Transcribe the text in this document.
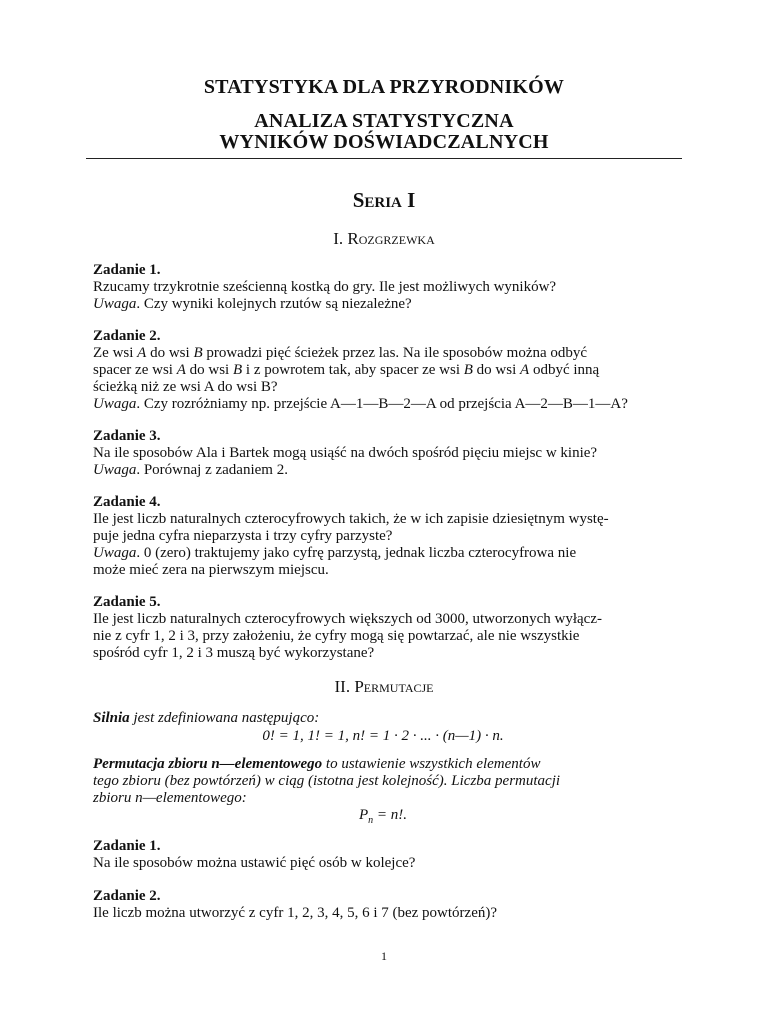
STATYSTYKA DLA PRZYRODNIKÓW
ANALIZA STATYSTYCZNA
WYNIKÓW DOŚWIADCZALNYCH
Seria I
I. Rozgrzewka
Zadanie 1.
Rzucamy trzykrotnie sześcienną kostką do gry. Ile jest możliwych wyników?
Uwaga. Czy wyniki kolejnych rzutów są niezależne?
Zadanie 2.
Ze wsi A do wsi B prowadzi pięć ścieżek przez las. Na ile sposobów można odbyć
spacer ze wsi A do wsi B i z powrotem tak, aby spacer ze wsi B do wsi A odbyć inną
ścieżką niż ze wsi A do wsi B?
Uwaga. Czy rozróżniamy np. przejście A—1—B—2—A od przejścia A—2—B—1—A?
Zadanie 3.
Na ile sposobów Ala i Bartek mogą usiąść na dwóch spośród pięciu miejsc w kinie?
Uwaga. Porównaj z zadaniem 2.
Zadanie 4.
Ile jest liczb naturalnych czterocyfrowych takich, że w ich zapisie dziesiętnym wystę-
puje jedna cyfra nieparzysta i trzy cyfry parzyste?
Uwaga. 0 (zero) traktujemy jako cyfrę parzystą, jednak liczba czterocyfrowa nie
może mieć zera na pierwszym miejscu.
Zadanie 5.
Ile jest liczb naturalnych czterocyfrowych większych od 3000, utworzonych wyłącz-
nie z cyfr 1, 2 i 3, przy założeniu, że cyfry mogą się powtarzać, ale nie wszystkie
spośród cyfr 1, 2 i 3 muszą być wykorzystane?
II. Permutacje
Silnia jest zdefiniowana następująco:
0! = 1, 1! = 1, n! = 1 · 2 · ... · (n—1) · n.
Permutacja zbioru n—elementowego to ustawienie wszystkich elementów
tego zbioru (bez powtórzeń) w ciąg (istotna jest kolejność). Liczba permutacji
zbioru n—elementowego:
$P_n = n$!.
Zadanie 1.
Na ile sposobów można ustawić pięć osób w kolejce?
Zadanie 2.
Ile liczb można utworzyć z cyfr 1, 2, 3, 4, 5, 6 i 7 (bez powtórzeń)?
1
